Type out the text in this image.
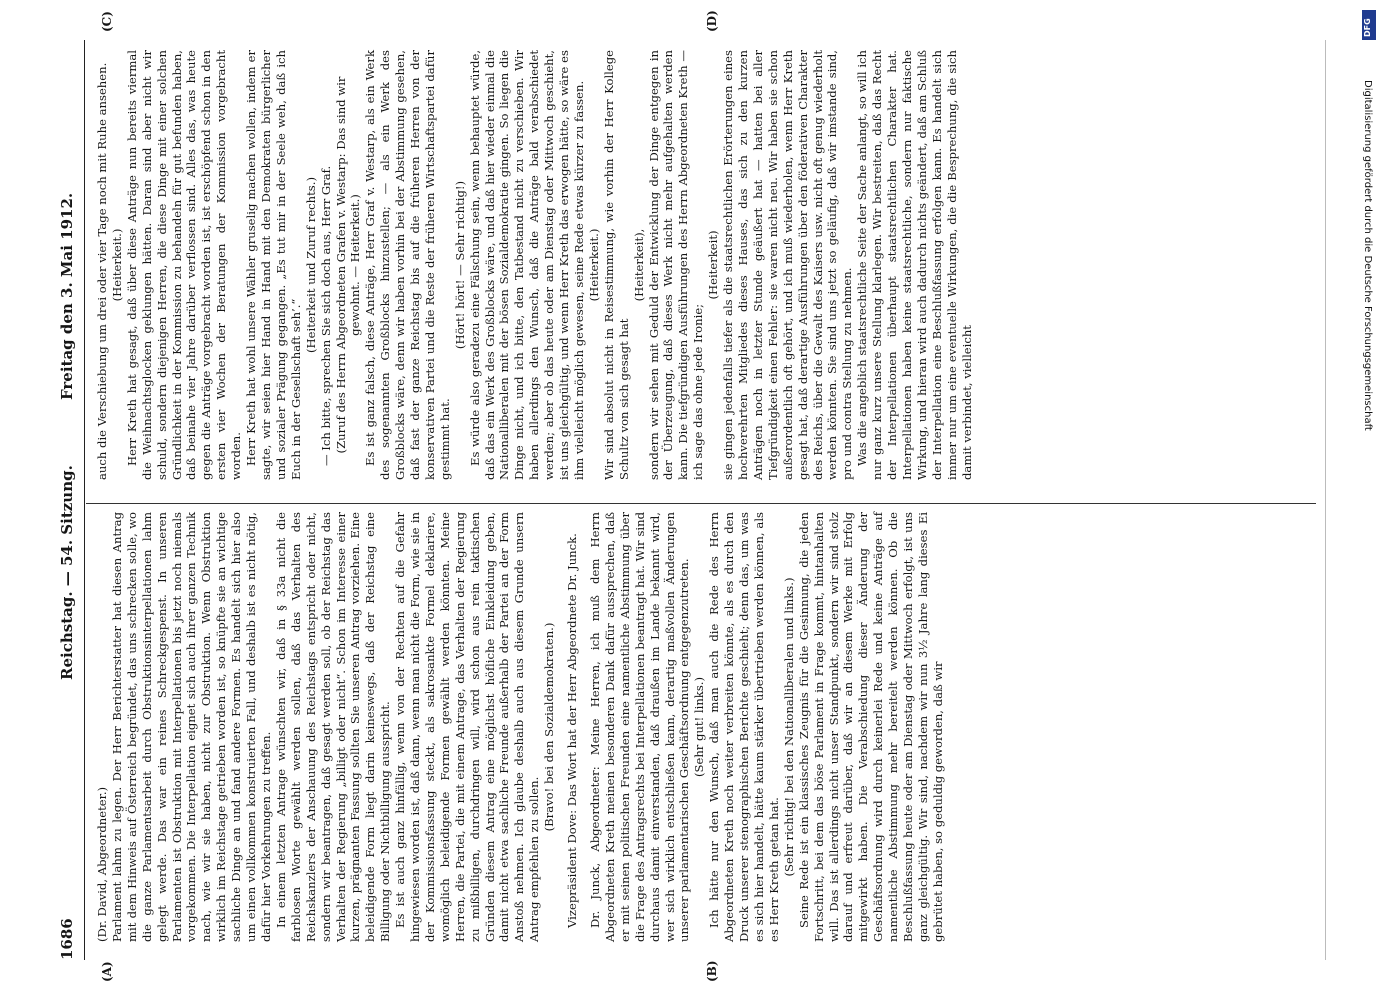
1686
Reichstag. — 54. Sitzung.
Freitag den 3. Mai 1912.
(A)	(B)
(C)	(D)

(Dr. David, Abgeordneter.) Parlament lahm zu legen. Der Herr Berichterstatter hat diesen Antrag mit dem Hinweis auf Österreich begründet, das uns schrecken solle, wo die ganze Parlamentsarbeit durch Obstruktionsinterpellationen lahm gelegt werde. Das war ein reines Schreckgespenst. In unseren Parlamenten ist Obstruktion mit Interpellationen bis jetzt noch niemals vorgekommen. Die Interpellation eignet sich auch ihrer ganzen Technik nach, wie wir sie haben, nicht zur Obstruktion. Wenn Obstruktion wirklich im Reichstage getrieben worden ist, so knüpfte sie an wichtige sachliche Dinge an und fand andere Formen. Es handelt sich hier also um einen vollkommen konstruierten Fall, und deshalb ist es nicht nötig, dafür hier Vorkehrungen zu treffen. In einem letzten Antrage wünschten wir, daß in § 33a nicht die farblosen Worte gewählt werden sollen, daß das Verhalten des Reichskanzlers der Anschauung des Reichstags entspricht oder nicht, sondern wir beantragen, daß gesagt werden soll, ob der Reichstag das Verhalten der Regierung „billigt oder nicht“. Schon im Interesse einer kurzen, prägnanten Fassung sollten Sie unseren Antrag vorziehen. Eine beleidigende Form liegt darin keineswegs, daß der Reichstag eine Billigung oder Nichtbilligung ausspricht. Es ist auch ganz hinfällig, wenn von der Rechten auf die Gefahr hingewiesen worden ist, daß dann, wenn man nicht die Form, wie sie in der Kommissionsfassung steckt, als sakrosankte Formel deklariere, womöglich beleidigende Formen gewählt werden könnten. Meine Herren, die Partei, die mit einem Antrage, das Verhalten der Regierung zu mißbilligen, durchdringen will, wird schon aus rein taktischen Gründen diesem Antrag eine möglichst höfliche Einkleidung geben, damit nicht etwa sachliche Freunde außerhalb der Partei an der Form Anstoß nehmen. Ich glaube deshalb auch aus diesem Grunde unsern Antrag empfehlen zu sollen.

(Bravo! bei den Sozialdemokraten.) Vizepräsident Dove: Das Wort hat der Herr Abgeordnete Dr. Junck. Dr. Junck, Abgeordneter: Meine Herren, ich muß dem Herrn Abgeordneten Kreth meinen besonderen Dank dafür aussprechen, daß er mit seinen politischen Freunden eine namentliche Abstimmung über die Frage des Antragsrechts bei Interpellationen beantragt hat. Wir sind durchaus damit einverstanden, daß draußen im Lande bekannt wird, wer sich wirklich entschließen kann, derartig maßvollen Änderungen unserer parlamentarischen Geschäftsordnung entgegenzutreten. (Sehr gut! links.) Ich hätte nur den Wunsch, daß man auch die Rede des Herrn Abgeordneten Kreth noch weiter verbreiten könnte, als es durch den Druck unserer stenographischen Berichte geschieht; denn das, um was es sich hier handelt, hätte kaum stärker übertrieben werden können, als es Herr Kreth getan hat. (Sehr richtig! bei den Nationalliberalen und links.) Seine Rede ist ein klassisches Zeugnis für die Gesinnung, die jeden Fortschritt, bei dem das böse Parlament in Frage kommt, hintanhalten will. Das ist allerdings nicht unser Standpunkt, sondern wir sind stolz darauf und erfreut darüber, daß wir an diesem Werke mit Erfolg mitgewirkt haben. Die Verabschiedung dieser Änderung der Geschäftsordnung wird durch keinerlei Rede und keine Anträge auf namentliche Abstimmung mehr bereitelt werden können. Ob die Beschlußfassung heute oder am Dienstag oder Mittwoch erfolgt, ist uns ganz gleichgültig. Wir sind, nachdem wir nun 3½ Jahre lang dieses Ei gebrütet haben, so geduldig geworden, daß wir

auch die Verschiebung um drei oder vier Tage noch mit Ruhe ansehen. (Heiterkeit.) Herr Kreth hat gesagt, daß über diese Anträge nun bereits viermal die Weihnachtsglocken geklungen hätten. Daran sind aber nicht wir schuld, sondern diejenigen Herren, die diese Dinge mit einer solchen Gründlichkeit in der Kommission zu behandeln für gut befunden haben, daß beinahe vier Jahre darüber verflossen sind. Alles das, was heute gegen die Anträge vorgebracht worden ist, ist erschöpfend schon in den ersten vier Wochen der Beratungen der Kommission vorgebracht worden. Herr Kreth hat wohl unsere Wähler gruselig machen wollen, indem er sagte, wir seien hier Hand in Hand mit den Demokraten bürgerlicher und sozialer Prägung gegangen. „Es tut mir in der Seele weh, daß ich Euch in der Gesellschaft seh’.“

(Heiterkeit und Zuruf rechts.) — Ich bitte, sprechen Sie sich doch aus, Herr Graf. (Zuruf des Herrn Abgeordneten Grafen v. Westarp: Das sind wir gewohnt. — Heiterkeit.) Es ist ganz falsch, diese Anträge, Herr Graf v. Westarp, als ein Werk des sogenannten Großblocks hinzustellen; — als ein Werk des Großblocks wäre, denn wir haben vorhin bei der Abstimmung gesehen, daß fast der ganze Reichstag bis auf die früheren Herren von der konservativen Partei und die Reste der früheren Wirtschaftspartei dafür gestimmt hat.

(Hört! hört! — Sehr richtig!) Es würde also geradezu eine Fälschung sein, wenn behauptet würde, daß das ein Werk des Großblocks wäre, und daß hier wieder einmal die Nationalliberalen mit der bösen Sozialdemokratie gingen. So liegen die Dinge nicht, und ich bitte, den Tatbestand nicht zu verschieben. Wir haben allerdings den Wunsch, daß die Anträge bald verabschiedet werden; aber ob das heute oder am Dienstag oder Mittwoch geschieht, ist uns gleichgültig, und wenn Herr Kreth das erwogen hätte, so wäre es ihm vielleicht möglich gewesen, seine Rede etwas kürzer zu fassen. (Heiterkeit.) Wir sind absolut nicht in Reisestimmung, wie vorhin der Herr Kollege Schultz von sich gesagt hat

(Heiterkeit), sondern wir sehen mit Geduld der Entwicklung der Dinge entgegen in der Überzeugung, daß dieses Werk nicht mehr aufgehalten werden kann. Die tiefgründigen Ausführungen des Herrn Abgeordneten Kreth — ich sage das ohne jede Ironie;

(Heiterkeit) sie gingen jedenfalls tiefer als die staatsrechtlichen Erörterungen eines hochverehrten Mitgliedes dieses Hauses, das sich zu den kurzen Anträgen noch in letzter Stunde geäußert hat — hatten bei aller Tiefgründigkeit einen Fehler: sie waren nicht neu. Wir haben sie schon außerordentlich oft gehört, und ich muß wiederholen, wenn Herr Kreth gesagt hat, daß derartige Ausführungen über den föderativen Charakter des Reichs, über die Gewalt des Kaisers usw. nicht oft genug wiederholt werden könnten. Sie sind uns jetzt so geläufig, daß wir imstande sind, pro und contra Stellung zu nehmen. Was die angeblich staatsrechtliche Seite der Sache anlangt, so will ich nur ganz kurz unsere Stellung klarlegen. Wir bestreiten, daß das Recht der Interpellationen überhaupt staatsrechtlichen Charakter hat. Interpellationen haben keine staatsrechtliche, sondern nur faktische Wirkung, und hieran wird auch dadurch nichts geändert, daß am Schluß der Interpellation eine Beschlußfassung erfolgen kann. Es handelt sich immer nur um eine eventuelle Wirkungen, die die Besprechung, die sich damit verbindet, vielleicht

DFG
Digitalisierung gefördert durch die Deutsche Forschungsgemeinschaft
